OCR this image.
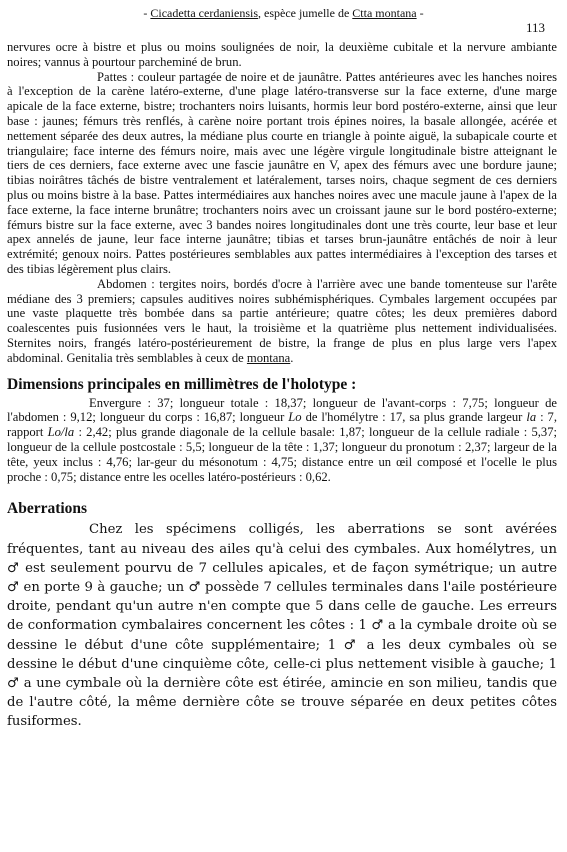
- Cicadetta cerdaniensis, espèce jumelle de Ctta montana -
113

nervures ocre à bistre et plus ou moins soulignées de noir, la deuxième cubitale et la nervure ambiante noires; vannus à pourtour parcheminé de brun.

Pattes : couleur partagée de noire et de jaunâtre. Pattes antérieures avec les hanches noires à l'exception de la carène latéro-externe, d'une plage latéro-transverse sur la face externe, d'une marge apicale de la face externe, bistre; trochanters noirs luisants, hormis leur bord postéro-externe, ainsi que leur base : jaunes; fémurs très renflés, à carène noire portant trois épines noires, la basale allongée, acérée et nettement séparée des deux autres, la médiane plus courte en triangle à pointe aiguë, la subapicale courte et triangulaire; face interne des fémurs noire, mais avec une légère virgule longitudinale bistre atteignant le tiers de ces derniers, face externe avec une fascie jaunâtre en V, apex des fémurs avec une bordure jaune; tibias noirâtres tâchés de bistre ventralement et latéralement, tarses noirs, chaque segment de ces derniers plus ou moins bistre à la base. Pattes intermédiaires aux hanches noires avec une macule jaune à l'apex de la face externe, la face interne brunâtre; trochanters noirs avec un croissant jaune sur le bord postéro-externe; fémurs bistre sur la face externe, avec 3 bandes noires longitudinales dont une très courte, leur base et leur apex annelés de jaune, leur face interne jaunâtre; tibias et tarses brun-jaunâtre entâchés de noir à leur extrémité; genoux noirs. Pattes postérieures semblables aux pattes intermédiaires à l'exception des tarses et des tibias légèrement plus clairs.

Abdomen : tergites noirs, bordés d'ocre à l'arrière avec une bande tomenteuse sur l'arête médiane des 3 premiers; capsules auditives noires subhémisphériques. Cymbales largement occupées par une vaste plaquette très bombée dans sa partie antérieure; quatre côtes; les deux premières dabord coalescentes puis fusionnées vers le haut, la troisième et la quatrième plus nettement individualisées. Sternites noirs, frangés latéro-postérieurement de bistre, la frange de plus en plus large vers l'apex abdominal. Genitalia très semblables à ceux de montana.

Dimensions principales en millimètres de l'holotype :

Envergure : 37; longueur totale : 18,37; longueur de l'avant-corps : 7,75; longueur de l'abdomen : 9,12; longueur du corps : 16,87; longueur Lo de l'homélytre : 17, sa plus grande largeur la : 7, rapport Lo/la : 2,42; plus grande diagonale de la cellule basale: 1,87; longueur de la cellule radiale : 5,37; longueur de la cellule postcostale : 5,5; longueur de la tête : 1,37; longueur du pronotum : 2,37; largeur de la tête, yeux inclus : 4,76; lar-geur du mésonotum : 4,75; distance entre un œil composé et l'ocelle le plus proche : 0,75; distance entre les ocelles latéro-postérieurs : 0,62.

Aberrations

Chez les spécimens colligés, les aberrations se sont avérées fréquentes, tant au niveau des ailes qu'à celui des cymbales. Aux homélytres, un ♂ est seulement pourvu de 7 cellules apicales, et de façon symétrique; un autre ♂ en porte 9 à gauche; un ♂ possède 7 cellules terminales dans l'aile postérieure droite, pendant qu'un autre n'en compte que 5 dans celle de gauche. Les erreurs de conformation cymbalaires concernent les côtes : 1 ♂ a la cymbale droite où se dessine le début d'une côte supplémentaire; 1 ♂ a les deux cymbales où se dessine le début d'une cinquième côte, celle-ci plus nettement visible à gauche; 1 ♂ a une cymbale où la dernière côte est étirée, amincie en son milieu, tandis que de l'autre côté, la même dernière côte se trouve séparée en deux petites côtes fusiformes.
